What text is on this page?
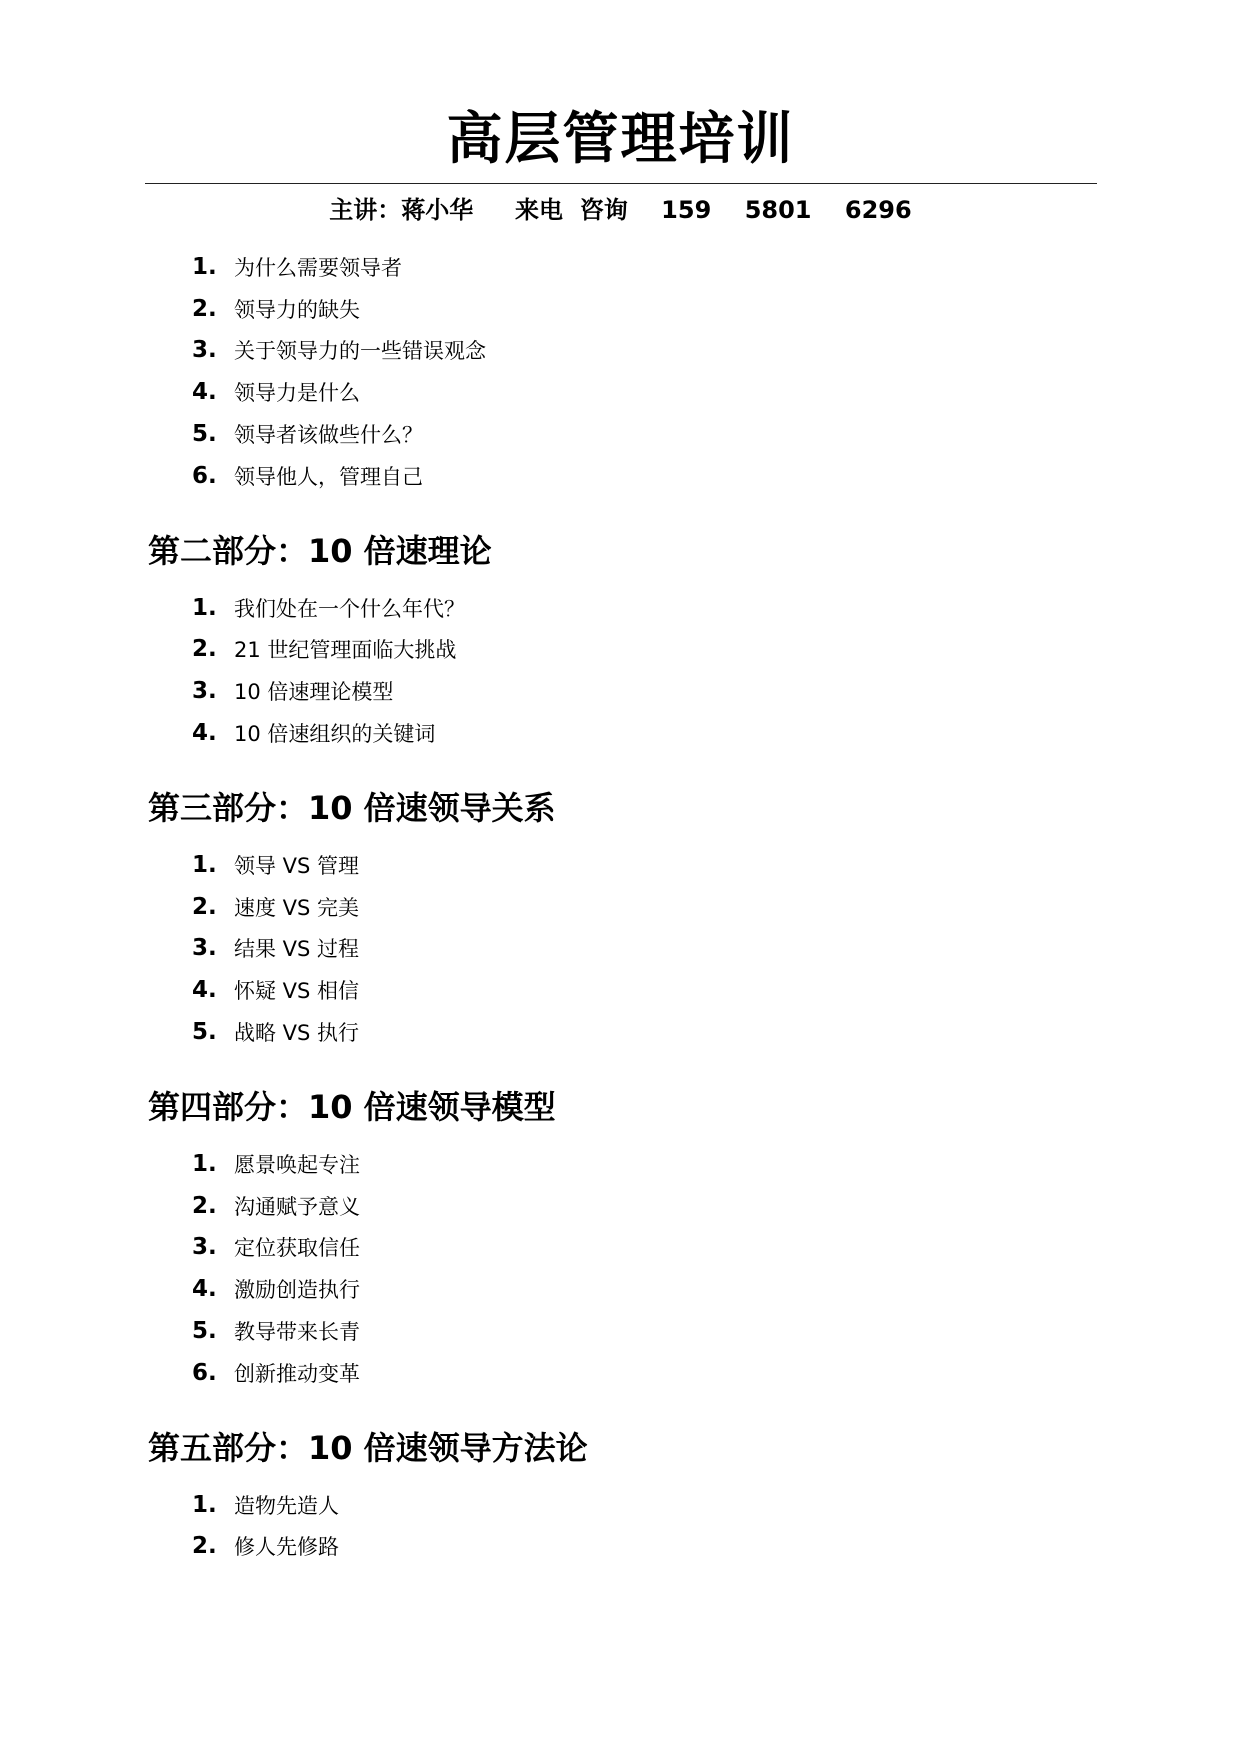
高层管理培训
主讲：蒋小华     来电  咨询    159    5801    6296
1. 为什么需要领导者
2. 领导力的缺失
3. 关于领导力的一些错误观念
4. 领导力是什么
5. 领导者该做些什么？
6. 领导他人，管理自己
第二部分：10 倍速理论
1. 我们处在一个什么年代？
2. 21 世纪管理面临大挑战
3. 10 倍速理论模型
4. 10 倍速组织的关键词
第三部分：10 倍速领导关系
1. 领导 VS 管理
2. 速度 VS 完美
3. 结果 VS 过程
4. 怀疑 VS 相信
5. 战略 VS 执行
第四部分：10 倍速领导模型
1. 愿景唤起专注
2. 沟通赋予意义
3. 定位获取信任
4. 激励创造执行
5. 教导带来长青
6. 创新推动变革
第五部分：10 倍速领导方法论
1. 造物先造人
2. 修人先修路
